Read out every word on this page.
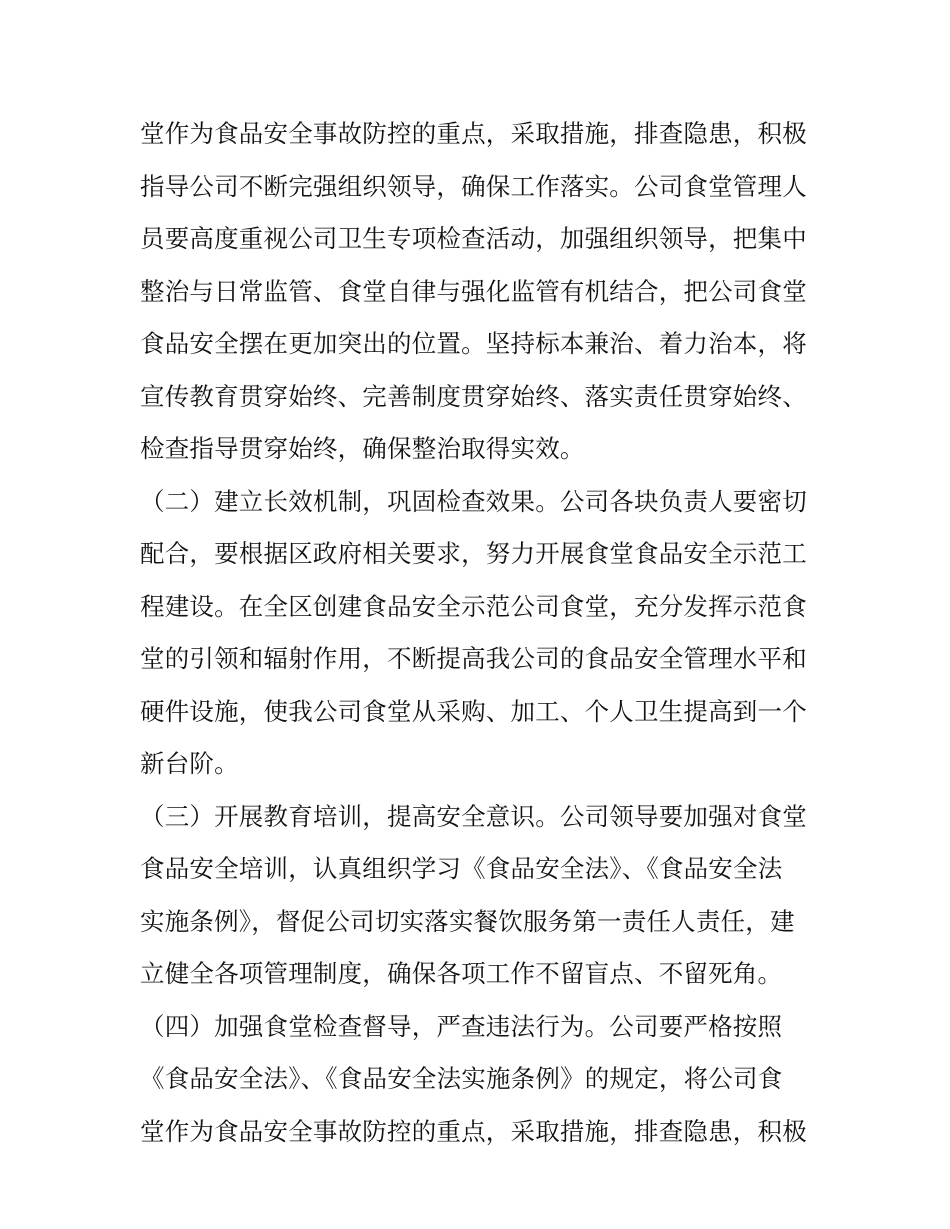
堂作为食品安全事故防控的重点，采取措施，排查隐患，积极
指导公司不断完强组织领导，确保工作落实。公司食堂管理人
员要高度重视公司卫生专项检查活动，加强组织领导，把集中
整治与日常监管、食堂自律与强化监管有机结合，把公司食堂
食品安全摆在更加突出的位置。坚持标本兼治、着力治本，将
宣传教育贯穿始终、完善制度贯穿始终、落实责任贯穿始终、
检查指导贯穿始终，确保整治取得实效。
（二）建立长效机制，巩固检查效果。公司各块负责人要密切
配合，要根据区政府相关要求，努力开展食堂食品安全示范工
程建设。在全区创建食品安全示范公司食堂，充分发挥示范食
堂的引领和辐射作用，不断提高我公司的食品安全管理水平和
硬件设施，使我公司食堂从采购、加工、个人卫生提高到一个
新台阶。
（三）开展教育培训，提高安全意识。公司领导要加强对食堂
食品安全培训，认真组织学习《食品安全法》、《食品安全法
实施条例》，督促公司切实落实餐饮服务第一责任人责任，建
立健全各项管理制度，确保各项工作不留盲点、不留死角。
（四）加强食堂检查督导，严查违法行为。公司要严格按照
《食品安全法》、《食品安全法实施条例》的规定，将公司食
堂作为食品安全事故防控的重点，采取措施，排查隐患，积极
